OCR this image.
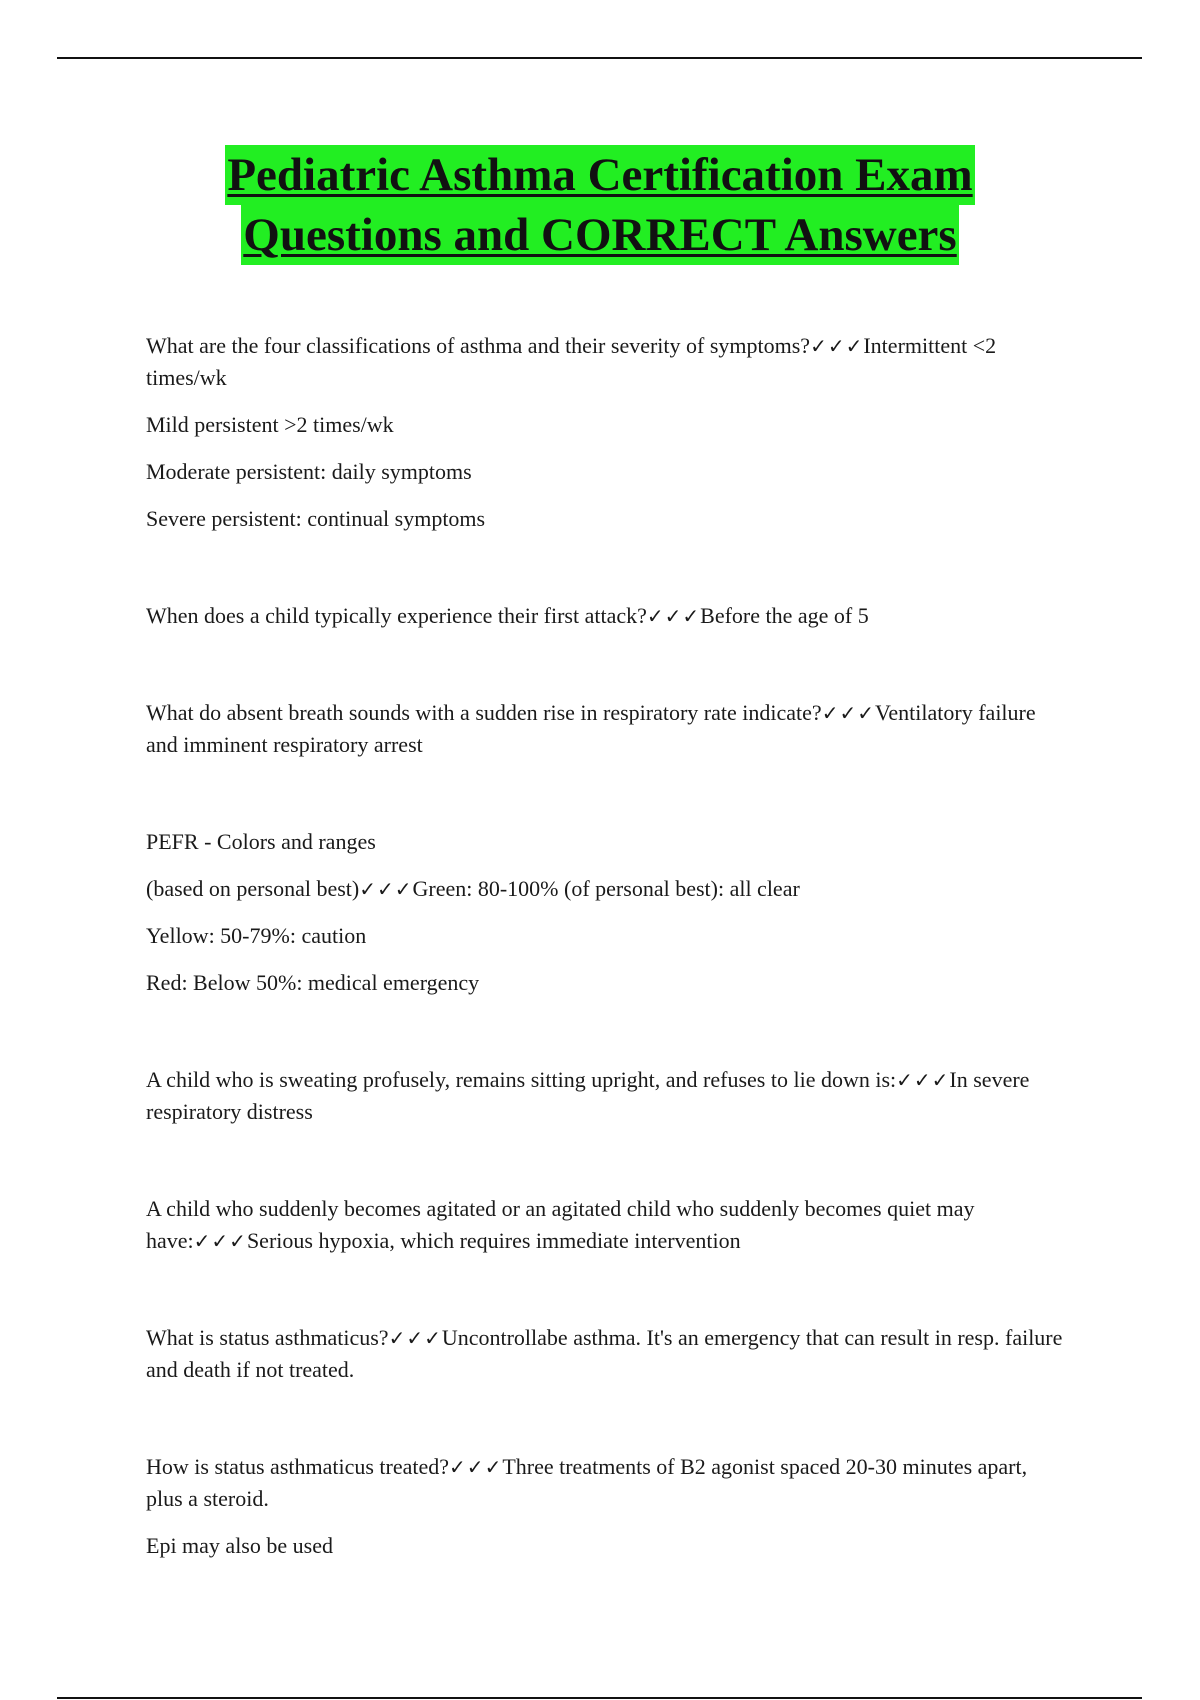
Pediatric Asthma Certification Exam
Questions and CORRECT Answers

What are the four classifications of asthma and their severity of symptoms?✓✓✓Intermittent <2 times/wk

Mild persistent >2 times/wk

Moderate persistent: daily symptoms

Severe persistent: continual symptoms

When does a child typically experience their first attack?✓✓✓Before the age of 5

What do absent breath sounds with a sudden rise in respiratory rate indicate?✓✓✓Ventilatory failure and imminent respiratory arrest

PEFR - Colors and ranges

(based on personal best)✓✓✓Green: 80-100% (of personal best): all clear

Yellow: 50-79%: caution

Red: Below 50%: medical emergency

A child who is sweating profusely, remains sitting upright, and refuses to lie down is:✓✓✓In severe respiratory distress

A child who suddenly becomes agitated or an agitated child who suddenly becomes quiet may have:✓✓✓Serious hypoxia, which requires immediate intervention

What is status asthmaticus?✓✓✓Uncontrollabe asthma. It's an emergency that can result in resp. failure and death if not treated.

How is status asthmaticus treated?✓✓✓Three treatments of B2 agonist spaced 20-30 minutes apart, plus a steroid.

Epi may also be used
